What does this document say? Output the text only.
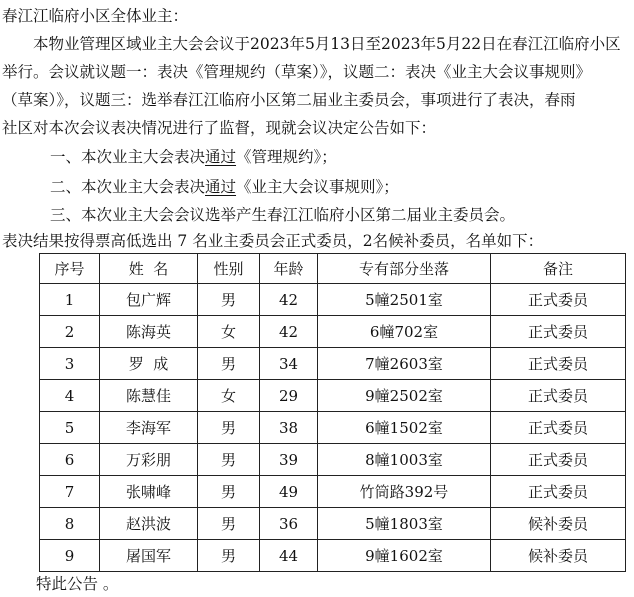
春江江临府小区全体业主：
本物业管理区域业主大会会议于2023年5月13日至2023年5月22日在春江江临府小区
举行。会议就议题一：表决《管理规约（草案）》，议题二：表决《业主大会议事规则》
（草案）》，议题三：选举春江江临府小区第二届业主委员会，事项进行了表决，春雨
社区对本次会议表决情况进行了监督，现就会议决定公告如下：
一、本次业主大会表决通过《管理规约》；
二、本次业主大会表决通过《业主大会议事规则》；
三、本次业主大会会议选举产生春江江临府小区第二届业主委员会。
表决结果按得票高低选出 7 名业主委员会正式委员，2名候补委员，名单如下：
序号	姓  名	性别	年龄	专有部分坐落	备注
1	包广辉	男	42	5幢2501室	正式委员
2	陈海英	女	42	6幢702室	正式委员
3	罗  成	男	34	7幢2603室	正式委员
4	陈慧佳	女	29	9幢2502室	正式委员
5	李海军	男	38	6幢1502室	正式委员
6	万彩朋	男	39	8幢1003室	正式委员
7	张啸峰	男	49	竹筒路392号	正式委员
8	赵洪波	男	36	5幢1803室	候补委员
9	屠国军	男	44	9幢1602室	候补委员
特此公告 。
